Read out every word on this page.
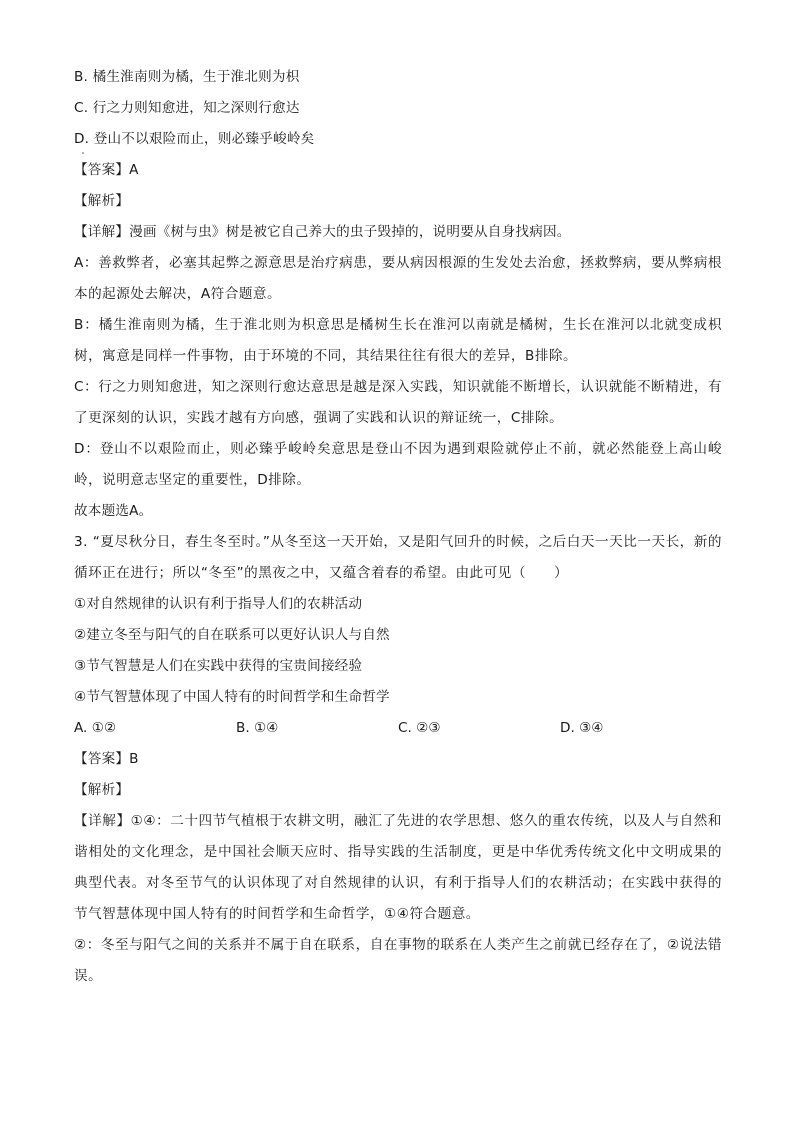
B. 橘生淮南则为橘，生于淮北则为枳
C. 行之力则知愈进，知之深则行愈达
D. 登山不以艰险而止，则必臻乎峻岭矣
【答案】A
【解析】
【详解】漫画《树与虫》树是被它自己养大的虫子毁掉的，说明要从自身找病因。
A：善救弊者，必塞其起弊之源意思是治疗病患，要从病因根源的生发处去治愈，拯救弊病，要从弊病根本的起源处去解决，A符合题意。
B：橘生淮南则为橘，生于淮北则为枳意思是橘树生长在淮河以南就是橘树，生长在淮河以北就变成枳树，寓意是同样一件事物，由于环境的不同，其结果往往有很大的差异，B排除。
C：行之力则知愈进，知之深则行愈达意思是越是深入实践，知识就能不断增长，认识就能不断精进，有了更深刻的认识，实践才越有方向感，强调了实践和认识的辩证统一，C排除。
D：登山不以艰险而止，则必臻乎峻岭矣意思是登山不因为遇到艰险就停止不前，就必然能登上高山峻岭，说明意志坚定的重要性，D排除。
故本题选A。
3. “夏尽秋分日，春生冬至时。”从冬至这一天开始，又是阳气回升的时候，之后白天一天比一天长，新的循环正在进行；所以“冬至”的黑夜之中，又蕴含着春的希望。由此可见（　　）
①对自然规律的认识有利于指导人们的农耕活动
②建立冬至与阳气的自在联系可以更好认识人与自然
③节气智慧是人们在实践中获得的宝贵间接经验
④节气智慧体现了中国人特有的时间哲学和生命哲学
A. ①②	B. ①④	C. ②③	D. ③④
【答案】B
【解析】
【详解】①④：二十四节气植根于农耕文明，融汇了先进的农学思想、悠久的重农传统，以及人与自然和谐相处的文化理念，是中国社会顺天应时、指导实践的生活制度，更是中华优秀传统文化中文明成果的典型代表。对冬至节气的认识体现了对自然规律的认识，有利于指导人们的农耕活动；在实践中获得的节气智慧体现中国人特有的时间哲学和生命哲学，①④符合题意。
②：冬至与阳气之间的关系并不属于自在联系，自在事物的联系在人类产生之前就已经存在了，②说法错误。
